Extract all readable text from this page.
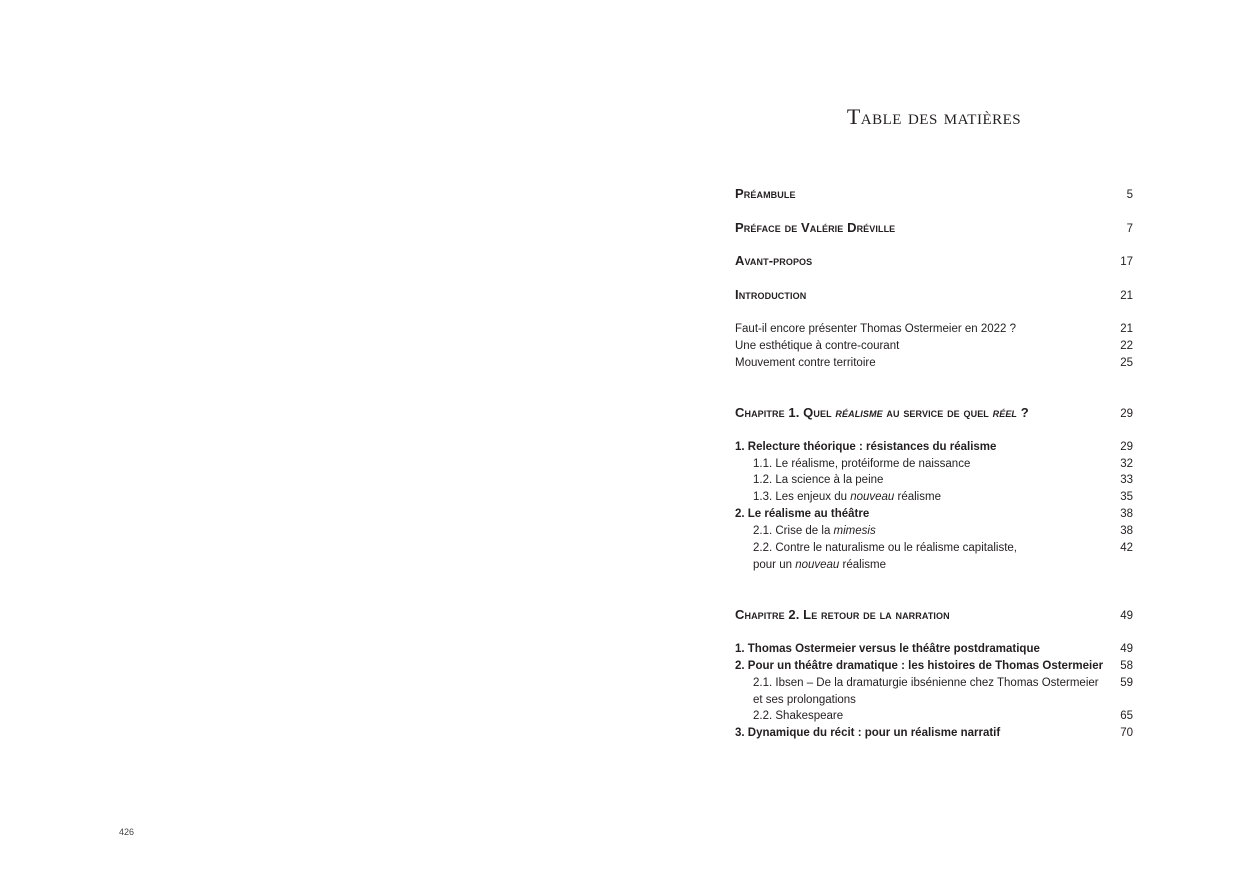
426
Table des matières
Préambule	5
Préface de Valérie Dréville	7
Avant-propos	17
Introduction	21
Faut-il encore présenter Thomas Ostermeier en 2022 ?	21
Une esthétique à contre-courant	22
Mouvement contre territoire	25
Chapitre 1. Quel réalisme au service de quel réel ?	29
1. Relecture théorique : résistances du réalisme	29
1.1. Le réalisme, protéiforme de naissance	32
1.2. La science à la peine	33
1.3. Les enjeux du nouveau réalisme	35
2. Le réalisme au théâtre	38
2.1. Crise de la mimesis	38
2.2. Contre le naturalisme ou le réalisme capitaliste,	42
pour un nouveau réalisme
Chapitre 2. Le retour de la narration	49
1. Thomas Ostermeier versus le théâtre postdramatique	49
2. Pour un théâtre dramatique : les histoires de Thomas Ostermeier 58
2.1. Ibsen – De la dramaturgie ibsénienne chez Thomas Ostermeier 59
et ses prolongations
2.2. Shakespeare	65
3. Dynamique du récit : pour un réalisme narratif	70
